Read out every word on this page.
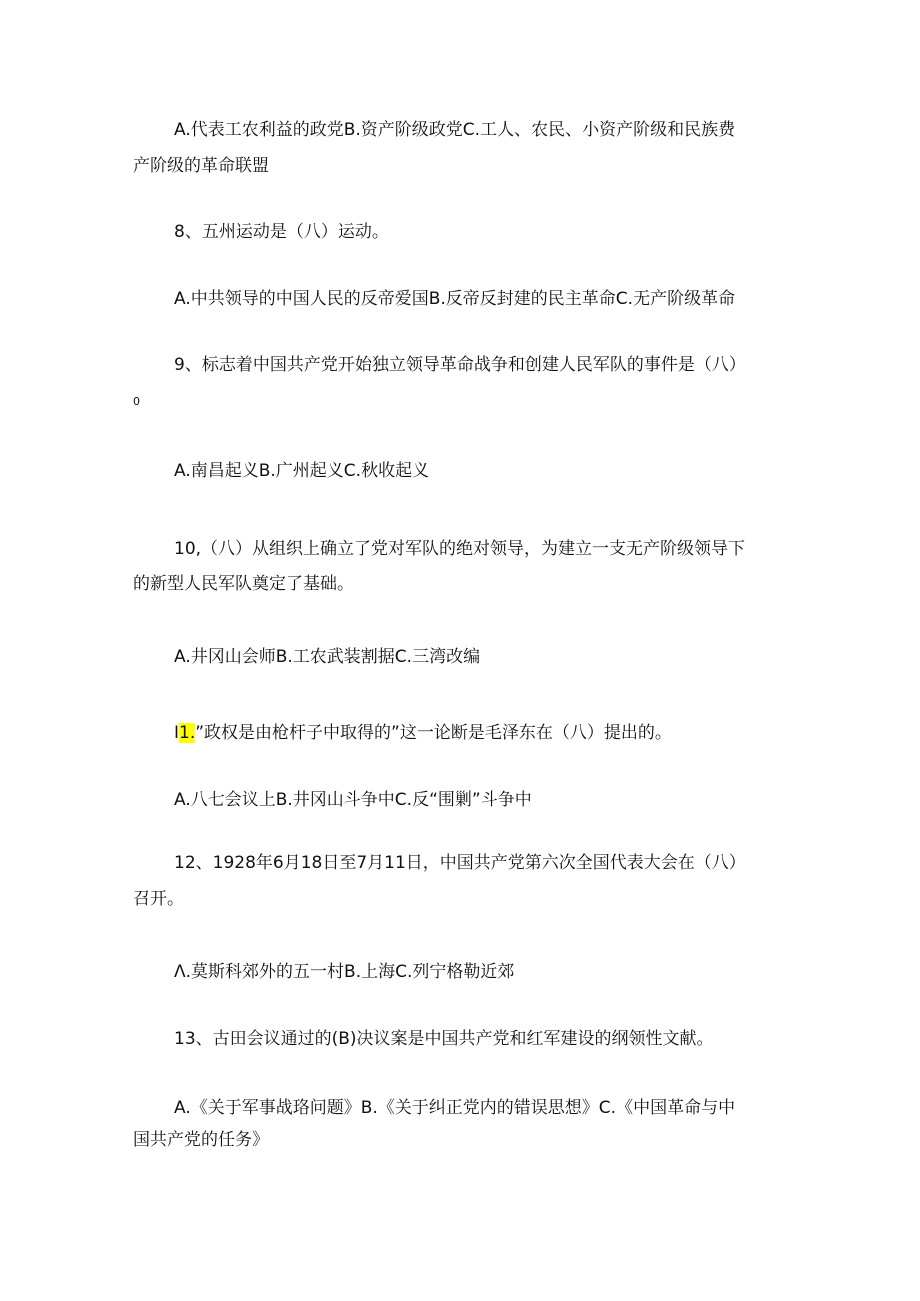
A.代表工农利益的政党B.资产阶级政党C.工人、农民、小资产阶级和民族费
产阶级的革命联盟
8、五州运动是（八）运动。
A.中共领导的中国人民的反帝爱国B.反帝反封建的民主革命C.无产阶级革命
9、标志着中国共产党开始独立领导革命战争和创建人民军队的事件是（八）
0
A.南昌起义B.广州起义C.秋收起义
10,（八）从组织上确立了党对军队的绝对领导，为建立一支无产阶级领导下
的新型人民军队奠定了基础。
A.井冈山会师B.工农武装割据C.三湾改编
I1.”政权是由枪杆子中取得的”这一论断是毛泽东在（八）提出的。
A.八七会议上B.井冈山斗争中C.反“围剿”斗争中
12、1928年6月18日至7月11日，中国共产党第六次全国代表大会在（八）
召开。
Λ.莫斯科郊外的五一村B.上海C.列宁格勒近郊
13、古田会议通过的(B)决议案是中国共产党和红军建设的纲领性文献。
A.《关于军事战珞问题》B.《关于纠正党内的错误思想》C.《中国革命与中
国共产党的任务》
